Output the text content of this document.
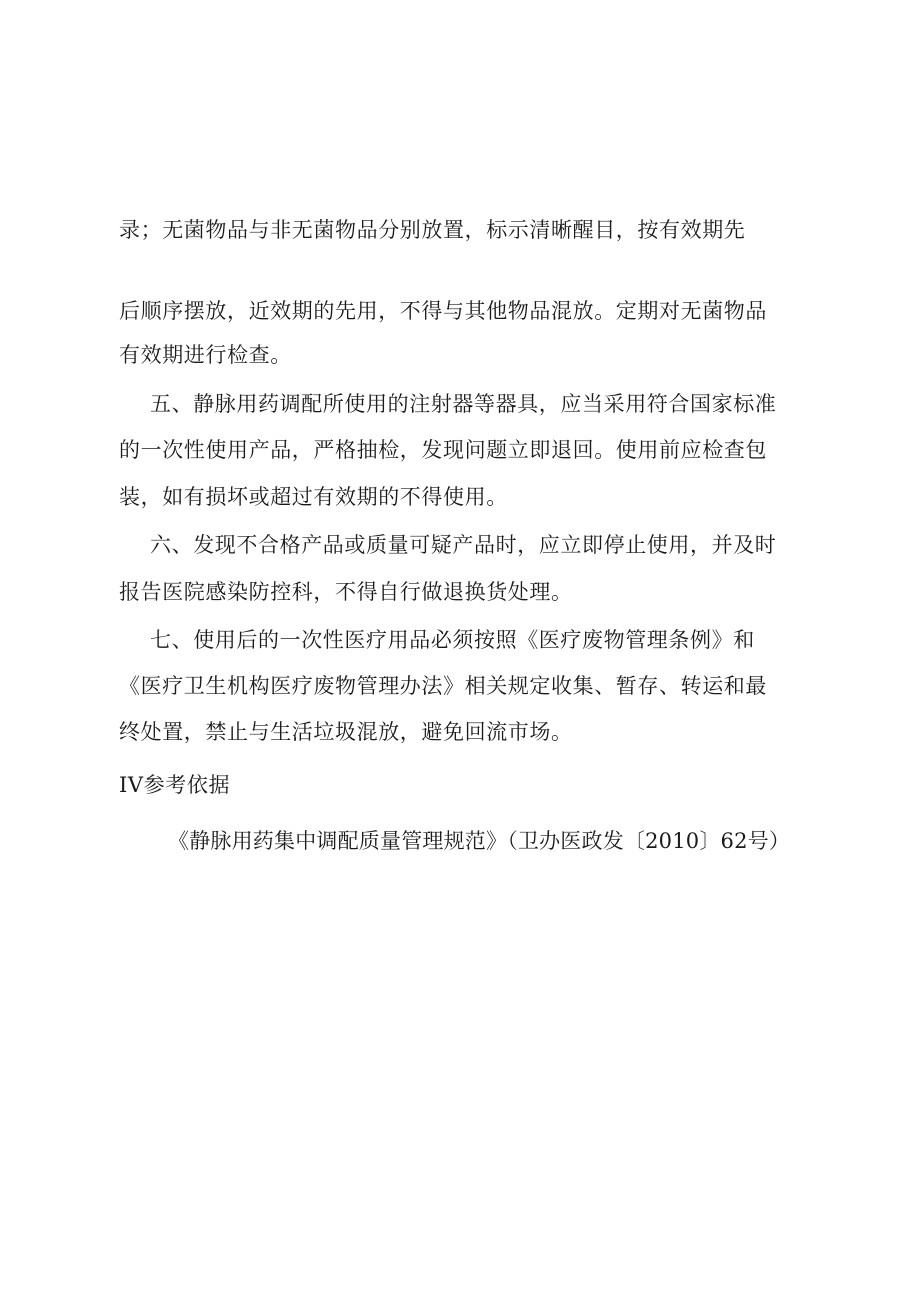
录；无菌物品与非无菌物品分别放置，标示清晰醒目，按有效期先
后顺序摆放，近效期的先用，不得与其他物品混放。定期对无菌物品
有效期进行检查。
五、静脉用药调配所使用的注射器等器具，应当采用符合国家标准
的一次性使用产品，严格抽检，发现问题立即退回。使用前应检查包
装，如有损坏或超过有效期的不得使用。
六、发现不合格产品或质量可疑产品时，应立即停止使用，并及时
报告医院感染防控科，不得自行做退换货处理。
七、使用后的一次性医疗用品必须按照《医疗废物管理条例》和
《医疗卫生机构医疗废物管理办法》相关规定收集、暂存、转运和最
终处置，禁止与生活垃圾混放，避免回流市场。
IV参考依据
《静脉用药集中调配质量管理规范》（卫办医政发〔2010〕62号）
